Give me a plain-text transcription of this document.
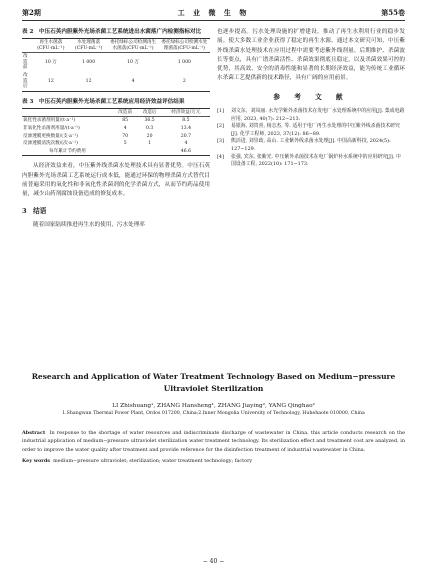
第2期	工 业 微 生 物	第55卷
表 2　中压石英内胆紫外光场杀菌工艺系统进出水菌落广内检测指标对比
	再生水菌落(CFU·mL⁻¹)	水处理菌落(CFU·mL⁻¹)	委托绿标公司检测再生水菌落(CFU·mL⁻¹)	委托绿标公司检测水处理菌落(CFU·mL⁻¹)
改造前	10 万	1 000	10 万	1 000
改造后	12	12	4	2
表 3　中压石英内胆紫外光场杀菌工艺系统应用经济效益评估结果
	改造前	改造后	经济效益/万元
氧化性杀菌剂用量/(t·a⁻¹)	85	36.5	8.5
非氧化性杀菌剂用量/(t·a⁻¹)	4	0.3	13.4
反渗透膜更换数量/(支·a⁻¹)	70	20	20.7
反渗透膜清洗次数/(次·a⁻¹)	5	1	4
每年累计节约费用			46.6

从经济效益来看，中压紫外线杀菌水处理技术具有显著优势。中压石英内胆紫外光场杀菌工艺系统运行成本低，能通过环保的物理杀菌方式替代目前普遍采用的氧化性和非氧化性杀菌剂的化学杀菌方式，从而节约药品使用量，减少山药剂腐蚀设备造成的修复成本。

3　结语

随着国家陆续推进再生水的使用，污水处理率

也逐步提高。污水处理设施的扩增建设，推动了再生水利用行业的稳步发展。使大多数工业企业获得了稳定的再生水源。通过本文研究可知，中压紫外线杀菌水处理技术在应用过程中需要考虑紫外线剂量、后期维护、杀菌波长等要点，具有广谱杀菌活性、杀菌效果彻底且稳定，以及杀菌效果可控的优势，其高效、安全的消毒性能和显著的长期经济效益，能为传统工业循环水杀菌工艺提供新的技术路径，具有广阔的应用前景。

参 考 文 献
[1]	刘文东，刘凤丽. 水光学紫外杀菌技术在发电厂水处理系统中的应用[J]. 集成电路应用, 2023, 40(7): 212−213.
[2]	易银海, 刘贵喜, 杨志杰, 等. 适用于电厂再生水处理的中压紫外线杀菌技术研究[J]. 化学工程师, 2023, 37(12): 86−89.
[3]	熊活进, 刘崇政, 高山. 工业紫外线杀菌水处理[J]. 中国高新科技, 2024(5): 127−129.
[4]	张强, 宾东, 张紫光. 中压紫外杀菌技术在电厂锅炉补水系统中的应用研究[J]. 中国设备工程, 2022(10): 171−173.
Research and Application of Water Treatment Technology Based on Medium−pressure Ultraviolet Sterilization
LI Zhishuang¹, ZHANG Hansheng¹, ZHANG Jiaying², YANG Qinghao²
1.Shangwan Thermal Power Plant, Ordos 017200, China;2.Inner Mongolia University of Technology, Huhehaote 010000, China
Abstract In response to the shortage of water resources and indiscriminate discharge of wastewater in China, this article conducts research on the industrial application of medium−pressure ultraviolet sterilization water treatment technology. Its sterilization effect and treatment cost are analyzed, in order to improve the water quality after treatment and provide reference for the disinfection treatment of industrial wastewater in China.
Key words medium−pressure ultraviolet; sterilization; water treatment technology; factory
− 40 −
